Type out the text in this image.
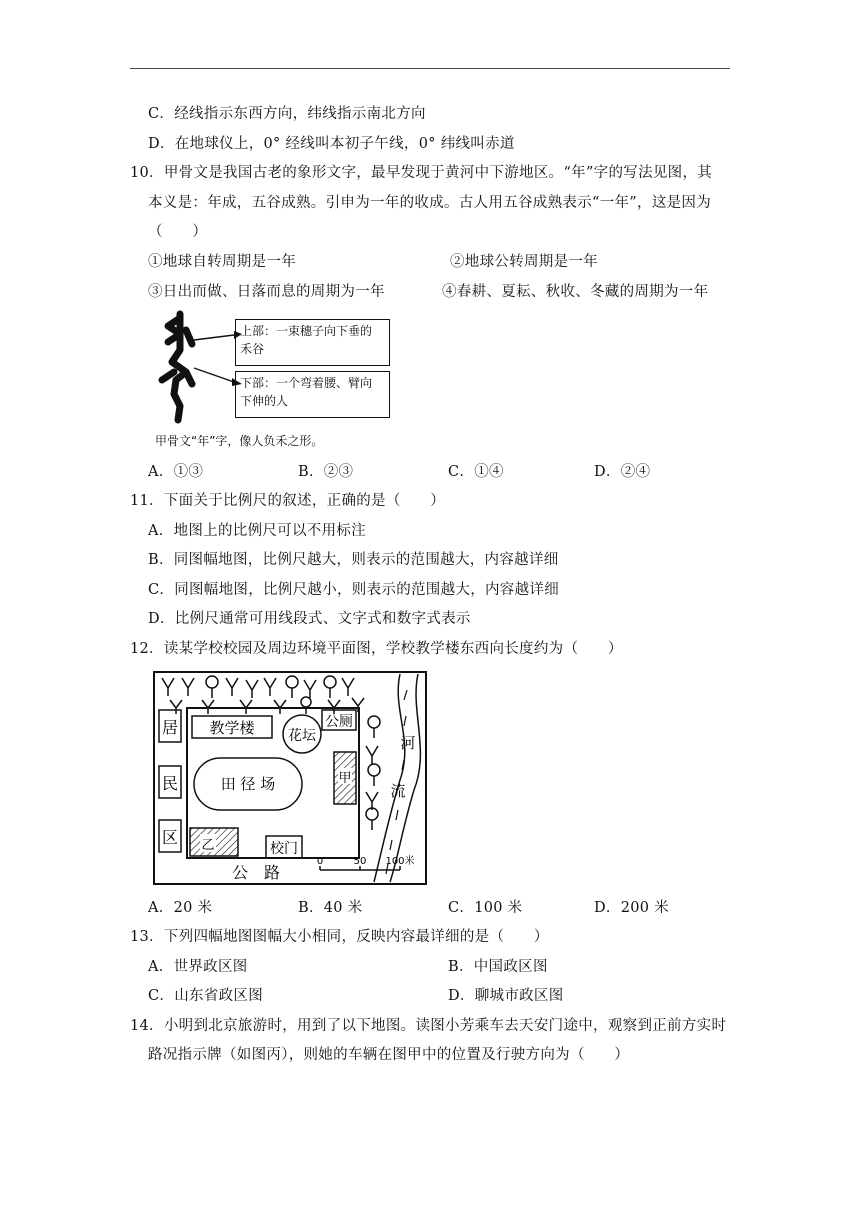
C．经线指示东西方向，纬线指示南北方向
D．在地球仪上，0° 经线叫本初子午线，0° 纬线叫赤道
10．甲骨文是我国古老的象形文字，最早发现于黄河中下游地区。“年”字的写法见图，其
本义是：年成，五谷成熟。引申为一年的收成。古人用五谷成熟表示“一年”，这是因为
（　　）
①地球自转周期是一年	②地球公转周期是一年
③日出而做、日落而息的周期为一年	④春耕、夏耘、秋收、冬藏的周期为一年
上部：一束穗子向下垂的
禾谷
下部：一个弯着腰、臂向
下伸的人
甲骨文“年”字，像人负禾之形。
A．①③	B．②③	C．①④	D．②④
11．下面关于比例尺的叙述，正确的是（　　）
A．地图上的比例尺可以不用标注
B．同图幅地图，比例尺越大，则表示的范围越大，内容越详细
C．同图幅地图，比例尺越小，则表示的范围越大，内容越详细
D．比例尺通常可用线段式、文字式和数字式表示
12．读某学校校园及周边环境平面图，学校教学楼东西向长度约为（　　）
居
民
区
教学楼 花坛
公厕
田 径 场	甲
乙	校门
河
流
公　路
0	50 100米
A．20 米	B．40 米	C．100 米	D．200 米
13．下列四幅地图图幅大小相同，反映内容最详细的是（　　）
A．世界政区图	B．中国政区图
C．山东省政区图	D．聊城市政区图
14．小明到北京旅游时，用到了以下地图。读图小芳乘车去天安门途中，观察到正前方实时
路况指示牌（如图丙），则她的车辆在图甲中的位置及行驶方向为（　　）
